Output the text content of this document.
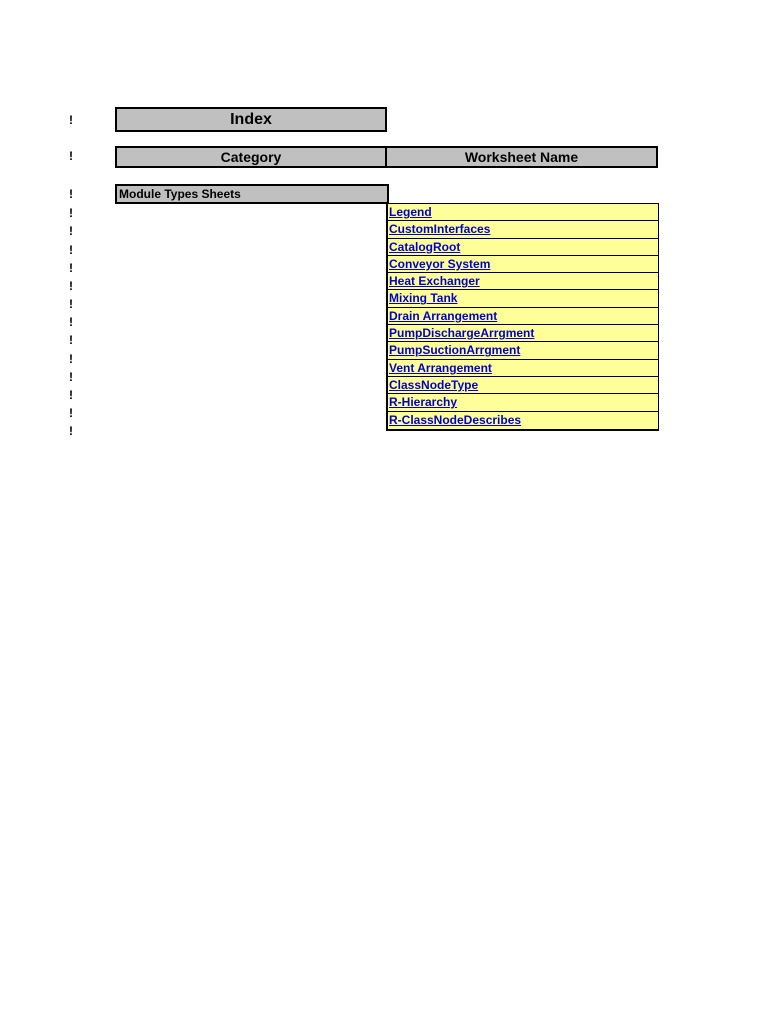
!
!
!
!
!
!
!
!
!
!
!
!
!
!
!
!
Index
Category	Worksheet Name
Module Types Sheets
Legend
CustomInterfaces
CatalogRoot
Conveyor System
Heat Exchanger
Mixing Tank
Drain Arrangement
PumpDischargeArrgment
PumpSuctionArrgment
Vent Arrangement
ClassNodeType
R-Hierarchy
R-ClassNodeDescribes
